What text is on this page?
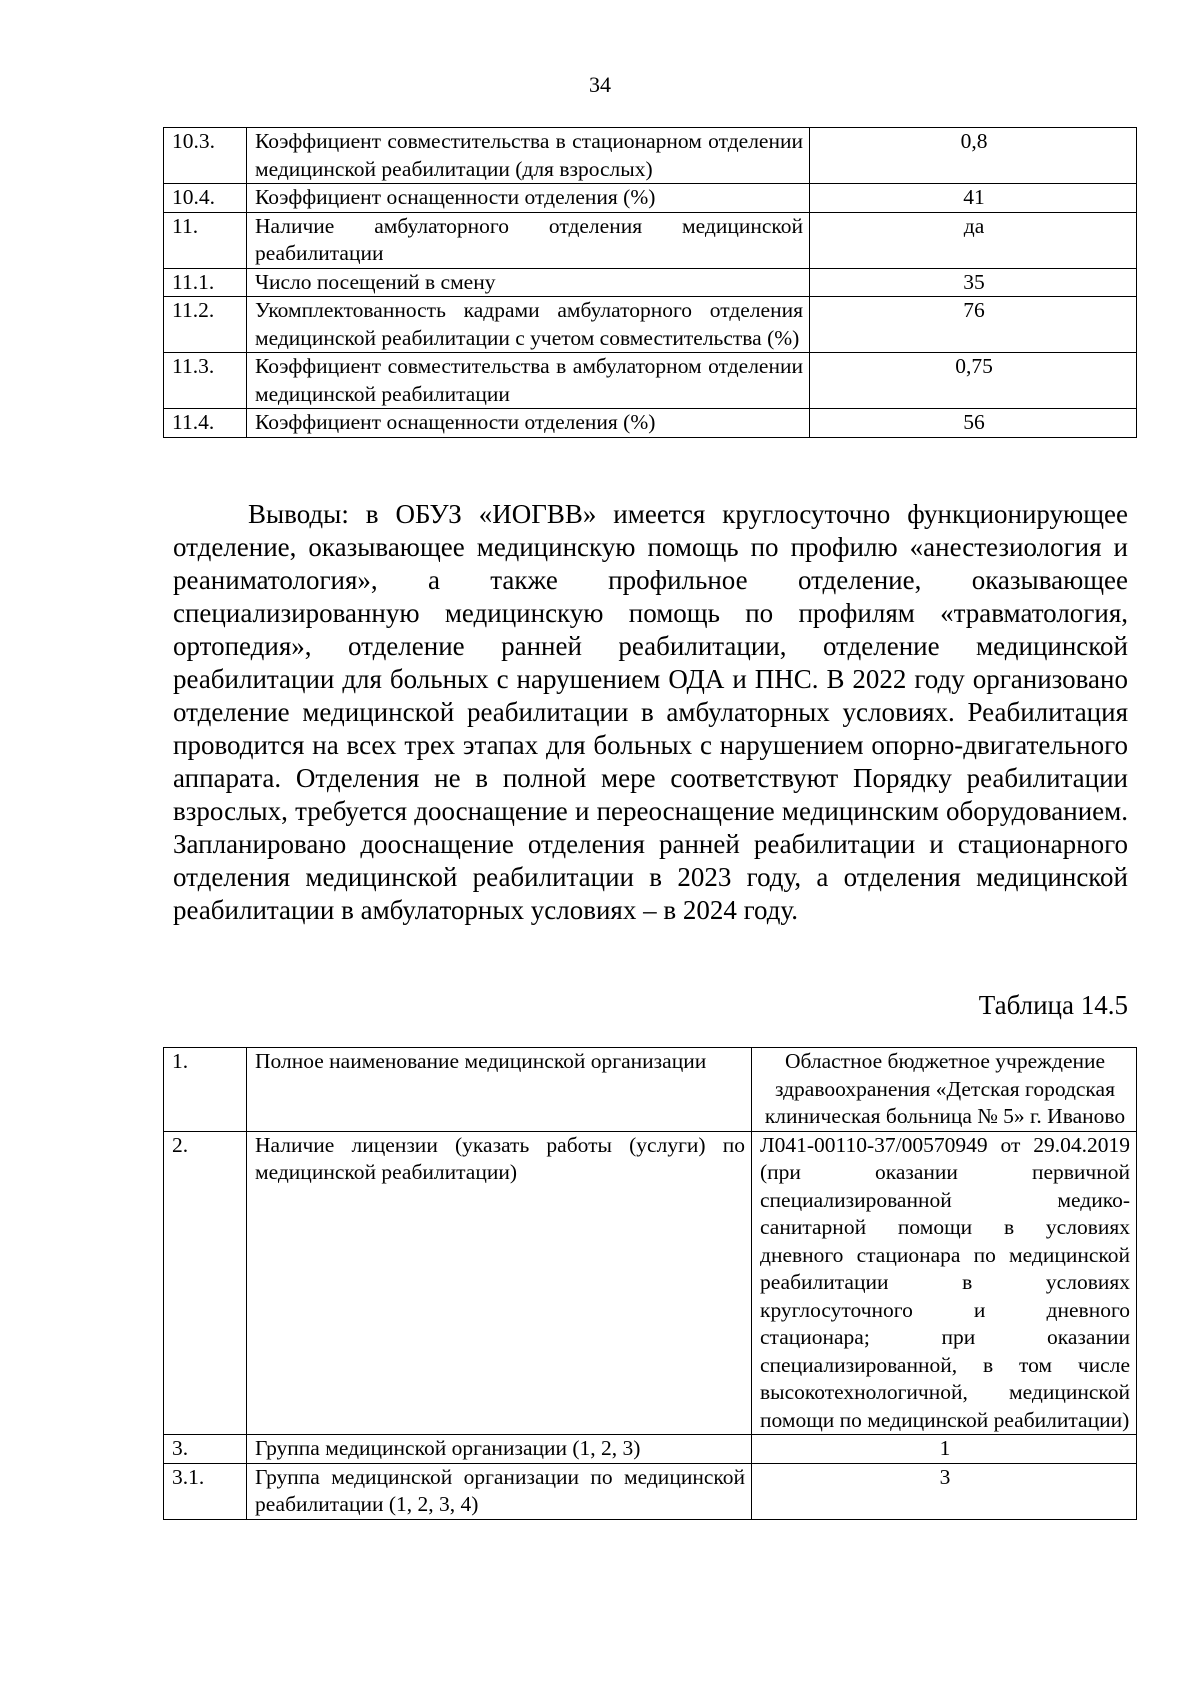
34
10.3.	Коэффициент совместительства в стационарном отделении медицинской реабилитации (для взрослых)	0,8
10.4.	Коэффициент оснащенности отделения (%)	41
11.	Наличие амбулаторного отделения медицинской реабилитации	да
11.1.	Число посещений в смену	35
11.2.	Укомплектованность кадрами амбулаторного отделения медицинской реабилитации с учетом совместительства (%)	76
11.3.	Коэффициент совместительства в амбулаторном отделении медицинской реабилитации	0,75
11.4.	Коэффициент оснащенности отделения (%)	56

Выводы: в ОБУЗ «ИОГВВ» имеется круглосуточно функционирующее отделение, оказывающее медицинскую помощь по профилю «анестезиология и реаниматология», а также профильное отделение, оказывающее специализированную медицинскую помощь по профилям «травматология, ортопедия», отделение ранней реабилитации, отделение медицинской реабилитации для больных с нарушением ОДА и ПНС. В 2022 году организовано отделение медицинской реабилитации в амбулаторных условиях. Реабилитация проводится на всех трех этапах для больных с нарушением опорно-двигательного аппарата. Отделения не в полной мере соответствуют Порядку реабилитации взрослых, требуется дооснащение и переоснащение медицинским оборудованием. Запланировано дооснащение отделения ранней реабилитации и стационарного отделения медицинской реабилитации в 2023 году, а отделения медицинской реабилитации в амбулаторных условиях – в 2024 году.

Таблица 14.5
1.	Полное наименование медицинской организации	Областное бюджетное учреждение здравоохранения «Детская городская клиническая больница № 5» г. Иваново
2.	Наличие лицензии (указать работы (услуги) по медицинской реабилитации)	Л041-00110-37/00570949 от 29.04.2019 (при оказании первичной специализированной медико-санитарной помощи в условиях дневного стационара по медицинской реабилитации в условиях круглосуточного и дневного стационара; при оказании специализированной, в том числе высокотехнологичной, медицинской помощи по медицинской реабилитации)
3.	Группа медицинской организации (1, 2, 3)	1
3.1.	Группа медицинской организации по медицинской реабилитации (1, 2, 3, 4)	3
